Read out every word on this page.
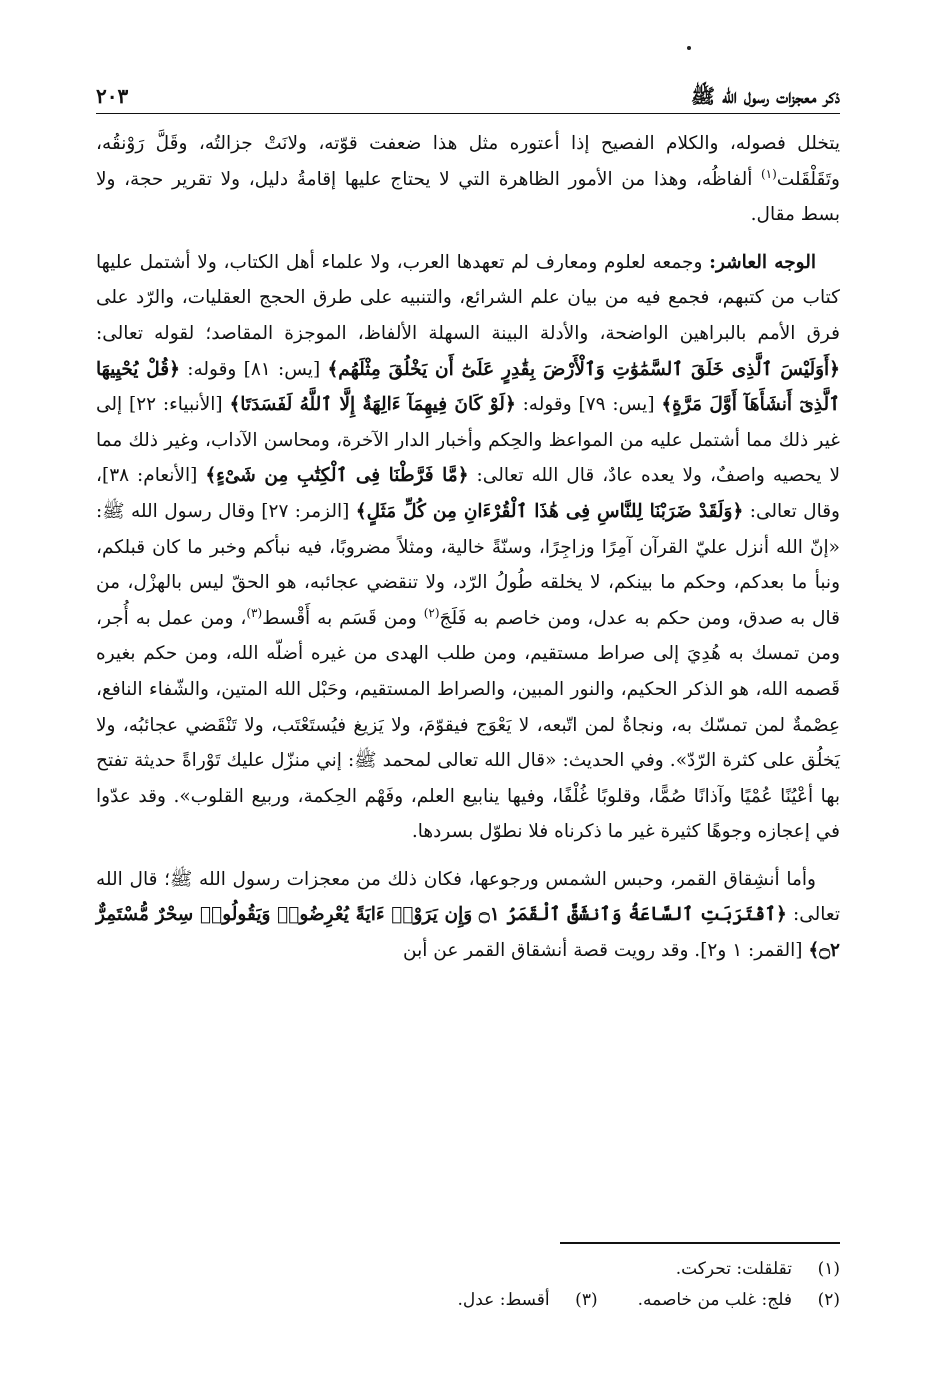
ذكر معجزات رسول الله ﷺ
٢٠٣

يتخلل فصوله، والكلام الفصيح إذا أعتوره مثل هذا ضعفت قوّته، ولانَتْ جزالتُه، وقَلَّ رَوْنقُه، وتَقَلْقَلت$^{(١)}$ ألفاظُه، وهذا من الأمور الظاهرة التي لا يحتاج عليها إقامةُ دليل، ولا تقرير حجة، ولا بسط مقال.

الوجه العاشر: وجمعه لعلوم ومعارف لم تعهدها العرب، ولا علماء أهل الكتاب، ولا أشتمل عليها كتاب من كتبهم، فجمع فيه من بيان علم الشرائع، والتنبيه على طرق الحجج العقليات، والرّد على فرق الأمم بالبراهين الواضحة، والأدلة البينة السهلة الألفاظ، الموجزة المقاصد؛ لقوله تعالى: ﴿أَوَلَيْسَ ٱلَّذِى خَلَقَ ٱلسَّمَٰوَٰتِ وَٱلْأَرْضَ بِقَٰدِرٍ عَلَىٰٓ أَن يَخْلُقَ مِثْلَهُم﴾ [يس: ٨١] وقوله: ﴿قُلْ يُحْيِيهَا ٱلَّذِىٓ أَنشَأَهَآ أَوَّلَ مَرَّةٍ﴾ [يس: ٧٩] وقوله: ﴿لَوْ كَانَ فِيهِمَآ ءَالِهَةٌ إِلَّا ٱللَّهُ لَفَسَدَتَا﴾ [الأنبياء: ٢٢] إلى غير ذلك مما أشتمل عليه من المواعظ والحِكم وأخبار الدار الآخرة، ومحاسن الآداب، وغير ذلك مما لا يحصيه واصفٌ، ولا يعده عادٌ، قال الله تعالى: ﴿مَّا فَرَّطْنَا فِى ٱلْكِتَٰبِ مِن شَىْءٍ﴾ [الأنعام: ٣٨]، وقال تعالى: ﴿وَلَقَدْ ضَرَبْنَا لِلنَّاسِ فِى هَٰذَا ٱلْقُرْءَانِ مِن كُلِّ مَثَلٍ﴾ [الزمر: ٢٧] وقال رسول الله ﷺ: «إنّ الله أنزل عليّ القرآن آمِرًا وزاجِرًا، وسنّةً خالية، ومثلاً مضروبًا، فيه نبأكم وخبر ما كان قبلكم، ونبأ ما بعدكم، وحكم ما بينكم، لا يخلقه طُولُ الرّد، ولا تنقضي عجائبه، هو الحقّ ليس بالهزْل، من قال به صدق، ومن حكم به عدل، ومن خاصم به فَلَجَ$^{(٢)}$ ومن قَسَم به أَقْسط$^{(٣)}$، ومن عمل به أُجر، ومن تمسك به هُدِيَ إلى صراط مستقيم، ومن طلب الهدى من غيره أضلّه الله، ومن حكم بغيره قَصمه الله، هو الذكر الحكيم، والنور المبين، والصراط المستقيم، وحَبْل الله المتين، والشّفاء النافع، عِصْمةٌ لمن تمسّك به، ونجاةٌ لمن اتّبعه، لا يَعْوَج فيقوّمَ، ولا يَزيغ فيُستَعْتَب، ولا تَنْقَضي عجائبُه، ولا يَخلُق على كثرة الرّدّ». وفي الحديث: «قال الله تعالى لمحمد ﷺ: إني منزّل عليك تَوْراةً حديثة تفتح بها أعْيُنًا عُمْيًا وآذانًا صُمًّا، وقلوبًا غُلْفًا، وفيها ينابيع العلم، وفَهْم الحِكمة، وربيع القلوب». وقد عدّوا في إعجازه وجوهًا كثيرة غير ما ذكرناه فلا نطوّل بسردها.

وأما أنشِقاق القمر، وحبس الشمس ورجوعها، فكان ذلك من معجزات رسول الله ﷺ؛ قال الله تعالى: ﴿ٱقْتَرَبَتِ ٱلسَّاعَةُ وَٱنشَقَّ ٱلْقَمَرُ ۝١ وَإِن يَرَوْا۟ ءَايَةً يُعْرِضُوا۟ وَيَقُولُوا۟ سِحْرٌ مُّسْتَمِرٌّ ۝٢﴾ [القمر: ١ و٢]. وقد رويت قصة أنشقاق القمر عن أبن

(١)تقلقلت: تحركت.
(٢)فلج: غلب من خاصمه.
(٣)أقسط: عدل.
